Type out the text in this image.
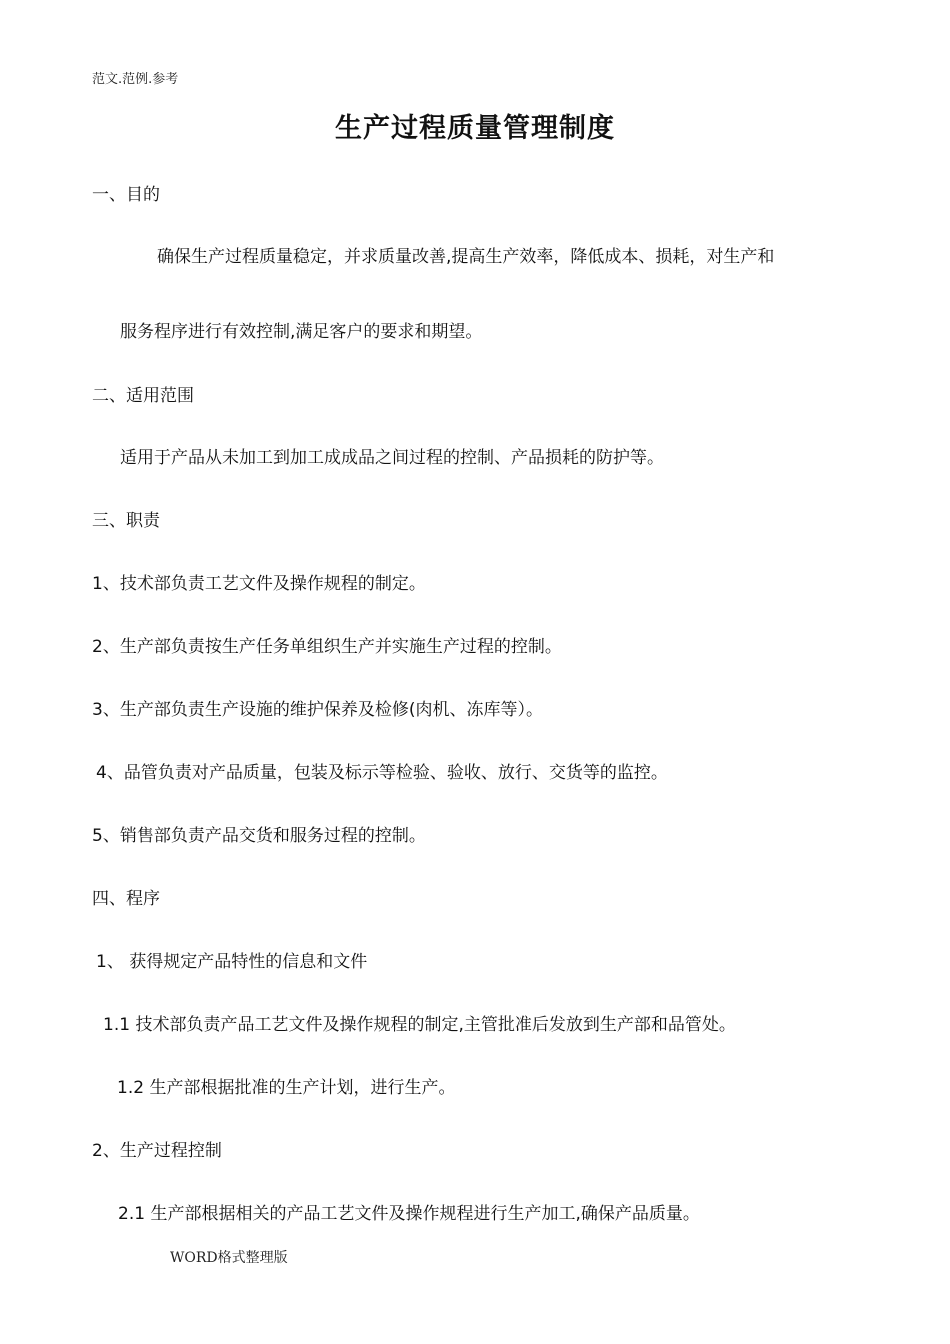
范文.范例.参考
生产过程质量管理制度
一、目的
确保生产过程质量稳定，并求质量改善,提高生产效率，降低成本、损耗，对生产和
服务程序进行有效控制,满足客户的要求和期望。
二、适用范围
适用于产品从未加工到加工成成品之间过程的控制、产品损耗的防护等。
三、职责
1、技术部负责工艺文件及操作规程的制定。
2、生产部负责按生产任务单组织生产并实施生产过程的控制。
3、生产部负责生产设施的维护保养及检修(肉机、冻库等）。
4、品管负责对产品质量，包装及标示等检验、验收、放行、交货等的监控。
5、销售部负责产品交货和服务过程的控制。
四、程序
1、 获得规定产品特性的信息和文件
1.1 技术部负责产品工艺文件及操作规程的制定,主管批准后发放到生产部和品管处。
1.2 生产部根据批准的生产计划，进行生产。
2、生产过程控制
2.1 生产部根据相关的产品工艺文件及操作规程进行生产加工,确保产品质量。
WORD格式整理版
